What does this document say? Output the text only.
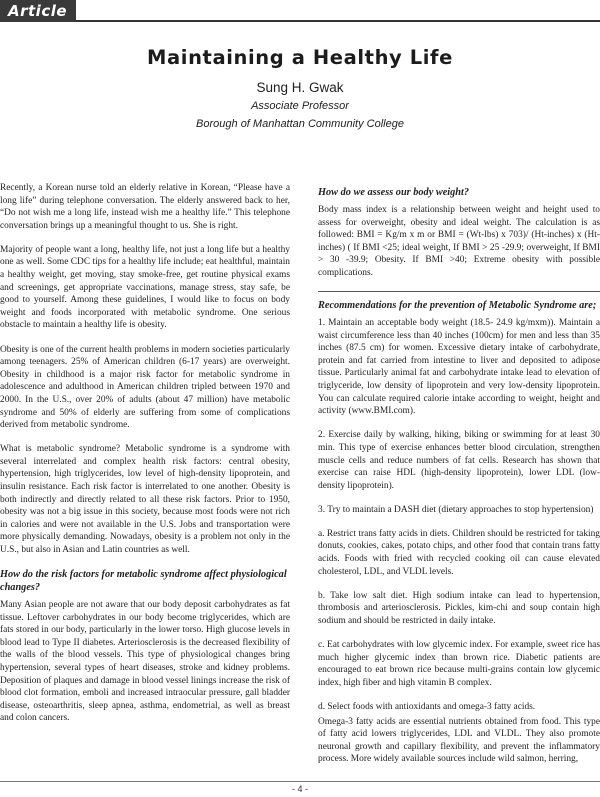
Article
Maintaining a Healthy Life
Sung H. Gwak
Associate Professor
Borough of Manhattan Community College

Recently, a Korean nurse told an elderly relative in Korean, “Please have a long life” during telephone conversation. The elderly answered back to her, “Do not wish me a long life, instead wish me a healthy life.” This telephone conversation brings up a meaningful thought to us. She is right.

Majority of people want a long, healthy life, not just a long life but a healthy one as well. Some CDC tips for a healthy life include; eat healthful, maintain a healthy weight, get moving, stay smoke-free, get routine physical exams and screenings, get appropriate vaccinations, manage stress, stay safe, be good to yourself. Among these guidelines, I would like to focus on body weight and foods incorporated with metabolic syndrome. One serious obstacle to maintain a healthy life is obesity.

Obesity is one of the current health problems in modern societies particularly among teenagers. 25% of American children (6-17 years) are overweight. Obesity in childhood is a major risk factor for metabolic syndrome in adolescence and adulthood in American children tripled between 1970 and 2000. In the U.S., over 20% of adults (about 47 million) have metabolic syndrome and 50% of elderly are suffering from some of complications derived from metabolic syndrome.

What is metabolic syndrome? Metabolic syndrome is a syndrome with several interrelated and complex health risk factors: central obesity, hypertension, high triglycerides, low level of high-density lipoprotein, and insulin resistance. Each risk factor is interrelated to one another. Obesity is both indirectly and directly related to all these risk factors. Prior to 1950, obesity was not a big issue in this society, because most foods were not rich in calories and were not available in the U.S. Jobs and transportation were more physically demanding. Nowadays, obesity is a problem not only in the U.S., but also in Asian and Latin countries as well.

How do the risk factors for metabolic syndrome affect physiological changes?

Many Asian people are not aware that our body deposit carbohydrates as fat tissue. Leftover carbohydrates in our body become triglycerides, which are fats stored in our body, particularly in the lower torso. High glucose levels in blood lead to Type II diabetes. Arteriosclerosis is the decreased flexibility of the walls of the blood vessels. This type of physiological changes bring hypertension, several types of heart diseases, stroke and kidney problems. Deposition of plaques and damage in blood vessel linings increase the risk of blood clot formation, emboli and increased intraocular pressure, gall bladder disease, osteoarthritis, sleep apnea, asthma, endometrial, as well as breast and colon cancers.

How do we assess our body weight?

Body mass index is a relationship between weight and height used to assess for overweight, obesity and ideal weight. The calculation is as followed: BMI = Kg/m x m or BMI = (Wt-lbs) x 703)/ (Ht-inches) x (Ht-inches) ( If BMI <25; ideal weight, If BMI > 25 -29.9; overweight, If BMI > 30 -39.9; Obesity. If BMI >40; Extreme obesity with possible complications.

Recommendations for the prevention of Metabolic Syndrome are;

1. Maintain an acceptable body weight (18.5- 24.9 kg/mxm)). Maintain a waist circumference less than 40 inches (100cm) for men and less than 35 inches (87.5 cm) for women. Excessive dietary intake of carbohydrate, protein and fat carried from intestine to liver and deposited to adipose tissue. Particularly animal fat and carbohydrate intake lead to elevation of triglyceride, low density of lipoprotein and very low-density lipoprotein. You can calculate required calorie intake according to weight, height and activity (www.BMI.com).

2. Exercise daily by walking, hiking, biking or swimming for at least 30 min. This type of exercise enhances better blood circulation, strengthen muscle cells and reduce numbers of fat cells. Research has shown that exercise can raise HDL (high-density lipoprotein), lower LDL (low-density lipoprotein).

3. Try to maintain a DASH diet (dietary approaches to stop hypertension)

a. Restrict trans fatty acids in diets. Children should be restricted for taking donuts, cookies, cakes, potato chips, and other food that contain trans fatty acids. Foods with fried with recycled cooking oil can cause elevated cholesterol, LDL, and VLDL levels.

b. Take low salt diet. High sodium intake can lead to hypertension, thrombosis and arteriosclerosis. Pickles, kim-chi and soup contain high sodium and should be restricted in daily intake.

c. Eat carbohydrates with low glycemic index. For example, sweet rice has much higher glycemic index than brown rice. Diabetic patients are encouraged to eat brown rice because multi-grains contain low glycemic index, high fiber and high vitamin B complex.

d. Select foods with antioxidants and omega-3 fatty acids.

Omega-3 fatty acids are essential nutrients obtained from food. This type of fatty acid lowers triglycerides, LDL and VLDL. They also promote neuronal growth and capillary flexibility, and prevent the inflammatory process. More widely available sources include wild salmon, herring,

- 4 -
